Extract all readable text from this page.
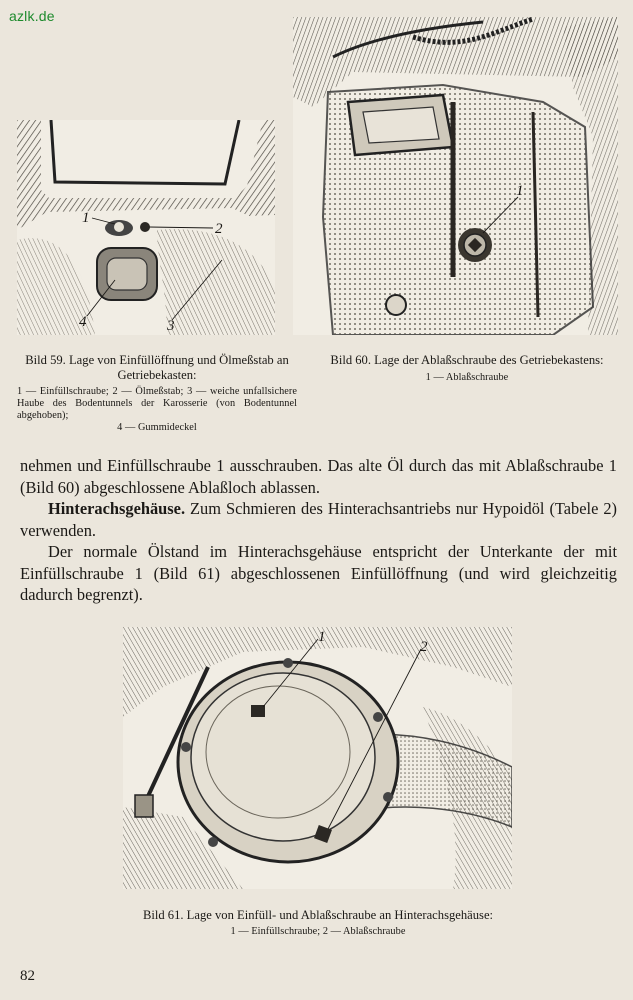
azlk.de
1
2
3
4
1
Bild 59. Lage von Einfüllöffnung und Ölmeßstab an Getriebekasten:
1 — Einfüllschraube; 2 — Ölmeßstab; 3 — weiche unfallsichere Haube des Bodentunnels der Karosserie (von Bodentunnel abgehoben);
4 — Gummideckel
Bild 60. Lage der Ablaßschraube des Getriebekastens:
1 — Ablaßschraube

nehmen und Einfüllschraube 1 ausschrauben. Das alte Öl durch das mit Ablaßschraube 1 (Bild 60) abgeschlossene Ablaßloch ablassen.

Hinterachsgehäuse. Zum Schmieren des Hinterachsantriebs nur Hypoidöl (Tabele 2) verwenden.

Der normale Ölstand im Hinterachsgehäuse entspricht der Unterkante der mit Einfüllschraube 1 (Bild 61) abgeschlossenen Einfüllöffnung (und wird gleichzeitig dadurch begrenzt).

1
2
Bild 61. Lage von Einfüll- und Ablaßschraube an Hinterachsgehäuse:
1 — Einfüllschraube; 2 — Ablaßschraube
82
